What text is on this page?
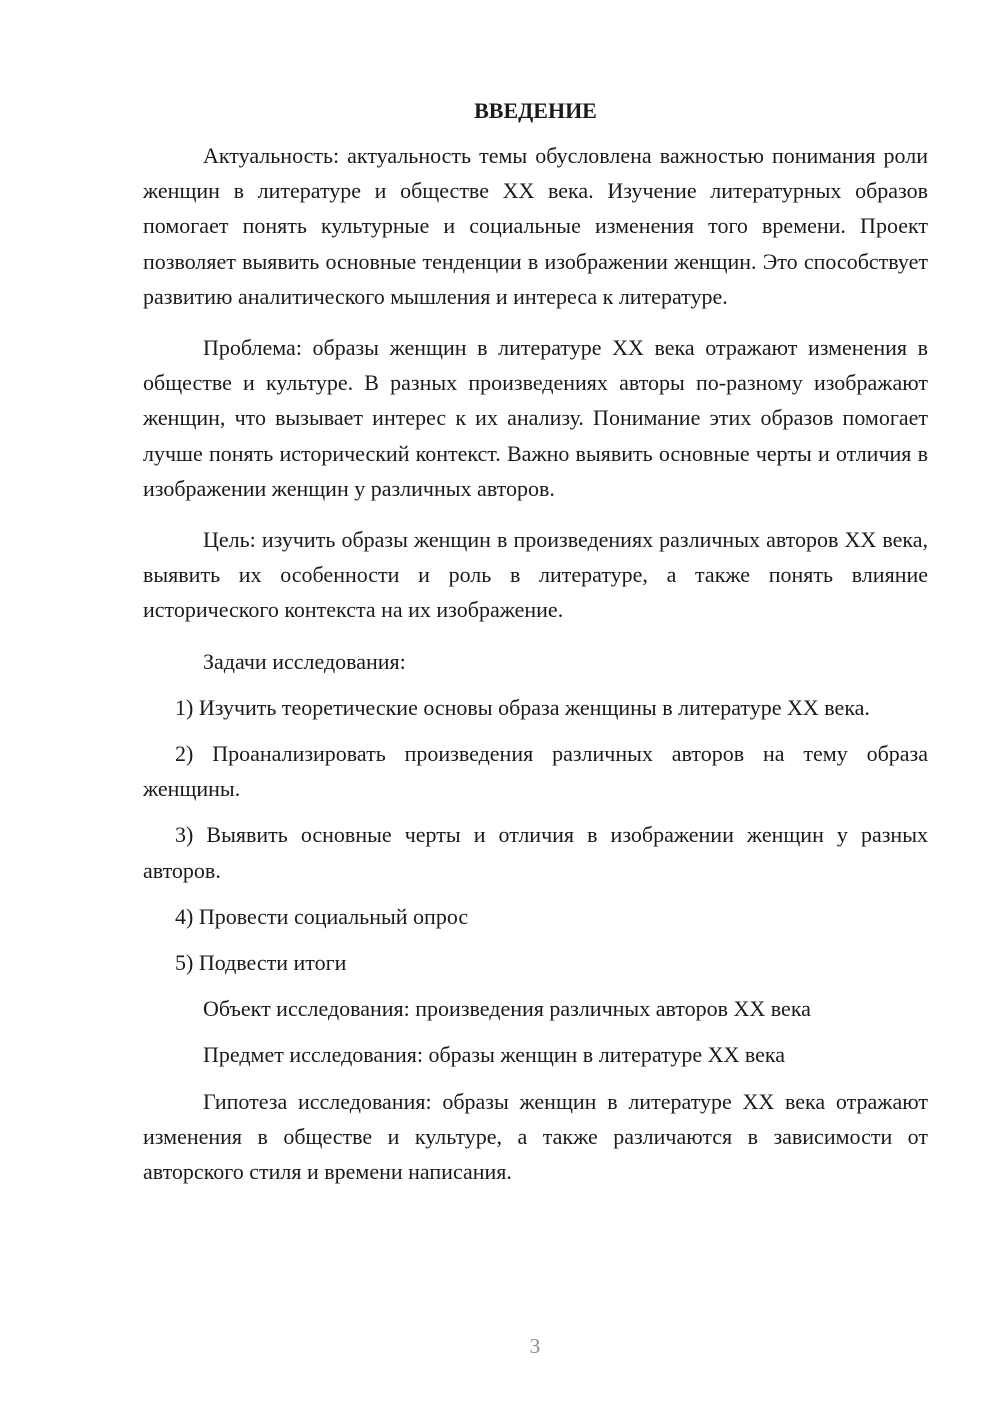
ВВЕДЕНИЕ

Актуальность: актуальность темы обусловлена важностью понимания роли женщин в литературе и обществе XX века. Изучение литературных образов помогает понять культурные и социальные изменения того времени. Проект позволяет выявить основные тенденции в изображении женщин. Это способствует развитию аналитического мышления и интереса к литературе.

Проблема: образы женщин в литературе XX века отражают изменения в обществе и культуре. В разных произведениях авторы по-разному изображают женщин, что вызывает интерес к их анализу. Понимание этих образов помогает лучше понять исторический контекст. Важно выявить основные черты и отличия в изображении женщин у различных авторов.

Цель: изучить образы женщин в произведениях различных авторов XX века, выявить их особенности и роль в литературе, а также понять влияние исторического контекста на их изображение.

Задачи исследования:

1) Изучить теоретические основы образа женщины в литературе XX века.

2) Проанализировать произведения различных авторов на тему образа женщины.

3) Выявить основные черты и отличия в изображении женщин у разных авторов.

4) Провести социальный опрос

5) Подвести итоги

Объект исследования: произведения различных авторов XX века

Предмет исследования: образы женщин в литературе XX века

Гипотеза исследования: образы женщин в литературе XX века отражают изменения в обществе и культуре, а также различаются в зависимости от авторского стиля и времени написания.

3
